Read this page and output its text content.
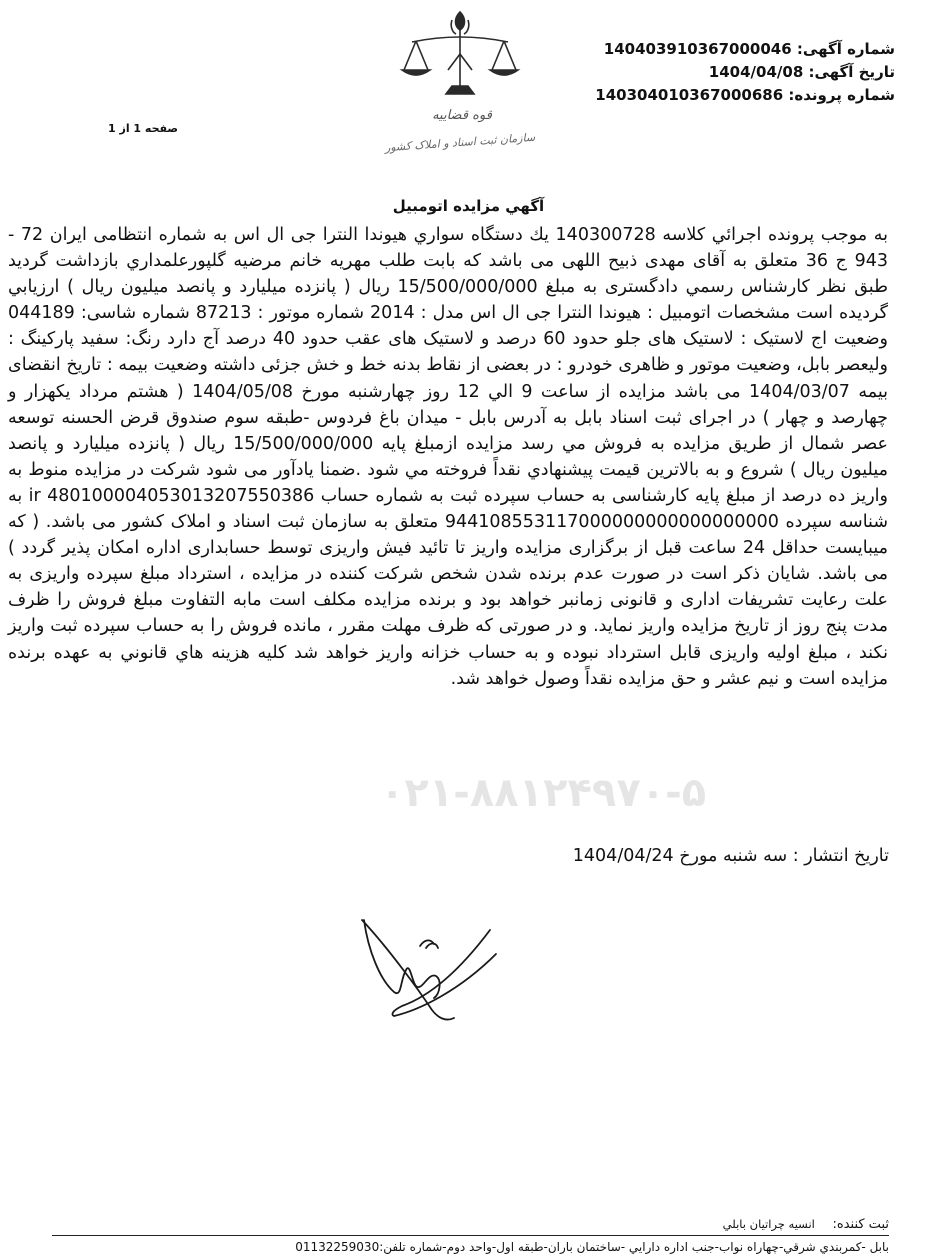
شماره آگهی: 14040391036700004‍6
تاریخ آگهی: 1404/04/08
شماره پرونده: 140304010367000686
صفحه 1 از 1
قوه قضاییه
سازمان ثبت اسناد و املاک کشور
آگهي مزايده اتومبيل
۰۲۱-۸۸۱۲۴۹۷۰-۵
به موجب پرونده اجرائي كلاسه 140300728 يك دستگاه سواري هيوندا النترا جی ال اس به شماره انتظامی ایران 72 - 943 ج 36 متعلق به آقای مهدی ذبیح اللهی می باشد که بابت طلب مهریه خانم مرضیه گلپورعلمداري بازداشت گرديد طبق نظر كارشناس رسمي دادگستری به مبلغ 15/500/000/000 ريال ( پانزده میلیارد و پانصد میلیون ریال ) ارزيابي گرديده است مشخصات اتومبيل : هیوندا النترا جی ال اس مدل : 2014 شماره موتور : 87213 شماره شاسی: 044189 وضعیت اج لاستیک : لاستیک های جلو حدود 60 درصد و لاستیک های عقب حدود 40 درصد آج دارد رنگ: سفید پارکینگ : ولیعصر بابل، وضعیت موتور و ظاهری خودرو : در بعضی از نقاط بدنه خط و خش جزئی داشته وضعیت بیمه : تاریخ انقضای بیمه 1404/03/07 می باشد مزايده از ساعت 9 الي 12 روز چهارشنبه مورخ 1404/05/08 ( هشتم مرداد یکهزار و چهارصد و چهار ) در اجرای ثبت اسناد بابل به آدرس بابل - میدان باغ فردوس -طبقه سوم صندوق قرض الحسنه توسعه عصر شمال از طريق مزايده به فروش مي رسد مزايده ازمبلغ پايه 15/500/000/000 ريال ( پانزده میلیارد و پانصد میلیون ریال ) شروع و به بالاترين قيمت پيشنهادي نقداً فروخته مي شود .ضمنا یادآور می شود شرکت در مزایده منوط به واریز ده درصد از مبلغ پایه کارشناسی به حساب سپرده ثبت به شماره حساب ir 480100004053013207550386 به شناسه سپرده 944108553117000000000000000000 متعلق به سازمان ثبت اسناد و املاک کشور می باشد. ( كه ميبايست حداقل 24 ساعت قبل از برگزاری مزایده واریز تا تائید فیش واریزی توسط حسابداری اداره امکان پذیر گردد ) می باشد. شایان ذکر است در صورت عدم برنده شدن شخص شرکت کننده در مزایده ، استرداد مبلغ سپرده واریزی به علت رعایت تشریفات اداری و قانونی زمانبر خواهد بود و برنده مزایده مکلف است مابه التفاوت مبلغ فروش را ظرف مدت پنج روز از تاریخ مزایده واریز نماید. و در صورتی که ظرف مهلت مقرر ، مانده فروش را به حساب سپرده ثبت واریز نکند ، مبلغ اولیه واریزی قابل استرداد نبوده و به حساب خزانه واریز خواهد شد كليه هزينه هاي قانوني به عهده برنده مزايده است و نيم عشر و حق مزايده نقداً وصول خواهد شد.
تاریخ انتشار : سه شنبه مورخ 1404/04/24
ثبت کننده: انسيه چراتيان بابلي
بابل -كمربندي شرقي-چهاراه نواب-جنب اداره دارايي -ساختمان باران-طبقه اول-واحد دوم-شماره تلفن:01132259030
